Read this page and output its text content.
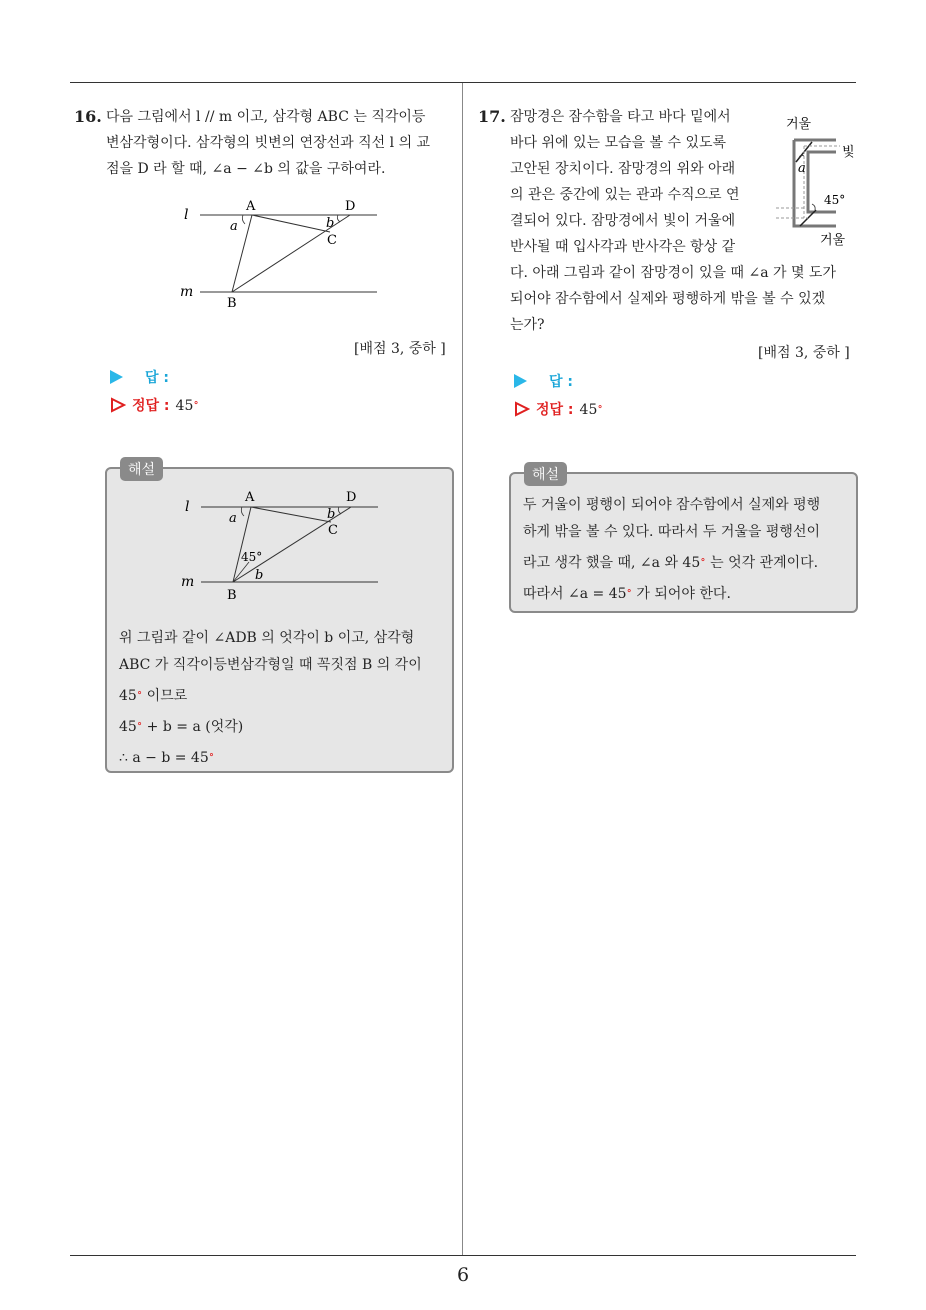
6
16. 다음 그림에서 l // m 이고, 삼각형 ABC 는 직각이등
변삼각형이다. 삼각형의 빗변의 연장선과 직선 l 의 교
점을 D 라 할 때, ∠a − ∠b 의 값을 구하여라.
l
m
A	D
C
B
a	b
[배점 3, 중하 ]
답 :
정답 : 45∘
l
m
A	D
C
B
a	b
45°
b
위 그림과 같이 ∠ADB 의 엇각이 b 이고, 삼각형
ABC 가 직각이등변삼각형일 때 꼭짓점 B 의 각이
45∘ 이므로
45∘ + b = a (엇각)
∴ a − b = 45∘
해설
17. 잠망경은 잠수함을 타고 바다 밑에서
바다 위에 있는 모습을 볼 수 있도록
고안된 장치이다. 잠망경의 위와 아래
의 관은 중간에 있는 관과 수직으로 연
결되어 있다. 잠망경에서 빛이 거울에
반사될 때 입사각과 반사각은 항상 같
다. 아래 그림과 같이 잠망경이 있을 때 ∠a 가 몇 도가
되어야 잠수함에서 실제와 평행하게 밖을 볼 수 있겠
는가?
거울
빛
a
45°
거울
[배점 3, 중하 ]
답 :
정답 : 45∘
두 거울이 평행이 되어야 잠수함에서 실제와 평행
하게 밖을 볼 수 있다. 따라서 두 거울을 평행선이
라고 생각 했을 때, ∠a 와 45∘ 는 엇각 관계이다.
따라서 ∠a = 45∘ 가 되어야 한다.
해설
